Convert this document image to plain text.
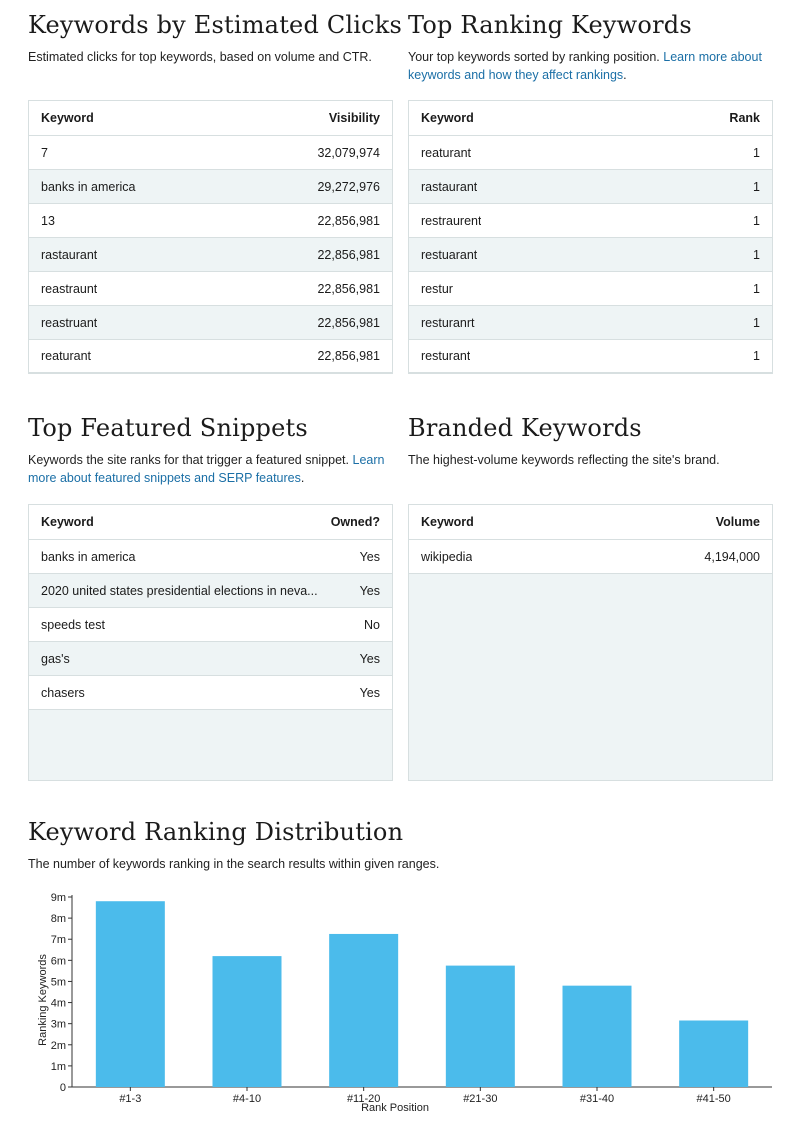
Keywords by Estimated Clicks

Estimated clicks for top keywords, based on volume and CTR.

Keyword	Visibility
7	32,079,974
banks in america	29,272,976
13	22,856,981
rastaurant	22,856,981
reastraunt	22,856,981
reastruant	22,856,981
reaturant	22,856,981
Top Ranking Keywords

Your top keywords sorted by ranking position. Learn more about keywords and how they affect rankings.

Keyword	Rank
reaturant	1
rastaurant	1
restraurent	1
restuarant	1
restur	1
resturanrt	1
resturant	1
Top Featured Snippets

Keywords the site ranks for that trigger a featured snippet. Learn more about featured snippets and SERP features.

Keyword	Owned?
banks in america	Yes
2020 united states presidential elections in neva...	Yes
speeds test	No
gas's	Yes
chasers	Yes
Branded Keywords

The highest-volume keywords reflecting the site's brand.

Keyword	Volume
wikipedia	4,194,000
Keyword Ranking Distribution

The number of keywords ranking in the search results within given ranges.

0
1m
2m
3m
4m
5m
6m
7m
8m
9m
#1-3	#4-10	#11-20	#21-30	#31-40	#41-50
Rank Position
Ranking Keywords
